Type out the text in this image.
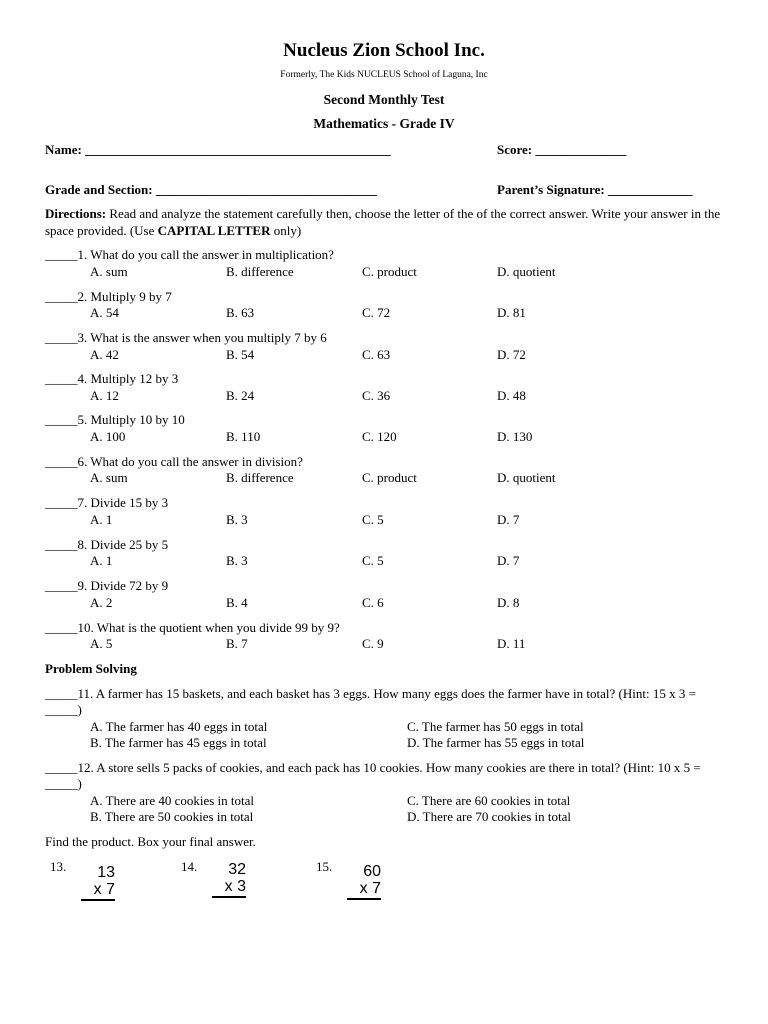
Nucleus Zion School Inc.
Formerly, The Kids NUCLEUS School of Laguna, Inc
Second Monthly Test
Mathematics - Grade IV
Name: _______________________________________________	Score: ______________
Grade and Section: __________________________________	Parent’s Signature: _____________
Directions: Read and analyze the statement carefully then, choose the letter of the of the correct answer. Write your answer in the space provided. (Use CAPITAL LETTER only)
_____1. What do you call the answer in multiplication?
A. sum	B. difference	C. product	D. quotient
_____2. Multiply 9 by 7
A. 54	B. 63	C. 72	D. 81
_____3. What is the answer when you multiply 7 by 6
A. 42	B. 54	C. 63	D. 72
_____4. Multiply 12 by 3
A. 12	B. 24	C. 36	D. 48
_____5. Multiply 10 by 10
A. 100	B. 110	C. 120	D. 130
_____6. What do you call the answer in division?
A. sum	B. difference	C. product	D. quotient
_____7. Divide 15 by 3
A. 1	B. 3	C. 5	D. 7
_____8. Divide 25 by 5
A. 1	B. 3	C. 5	D. 7
_____9. Divide 72 by 9
A. 2	B. 4	C. 6	D. 8
_____10. What is the quotient when you divide 99 by 9?
A. 5	B. 7	C. 9	D. 11
Problem Solving
_____11. A farmer has 15 baskets, and each basket has 3 eggs. How many eggs does the farmer have in total? (Hint: 15 x 3 = _____)
A. The farmer has 40 eggs in total	C. The farmer has 50 eggs in total
B. The farmer has 45 eggs in total	D. The farmer has 55 eggs in total
_____12. A store sells 5 packs of cookies, and each pack has 10 cookies. How many cookies are there in total? (Hint: 10 x 5 = _____)
A. There are 40 cookies in total	C. There are 60 cookies in total
B. There are 50 cookies in total	D. There are 70 cookies in total
Find the product. Box your final answer.
13.	13
x 7
14.	32
x 3
15.	60
x 7
